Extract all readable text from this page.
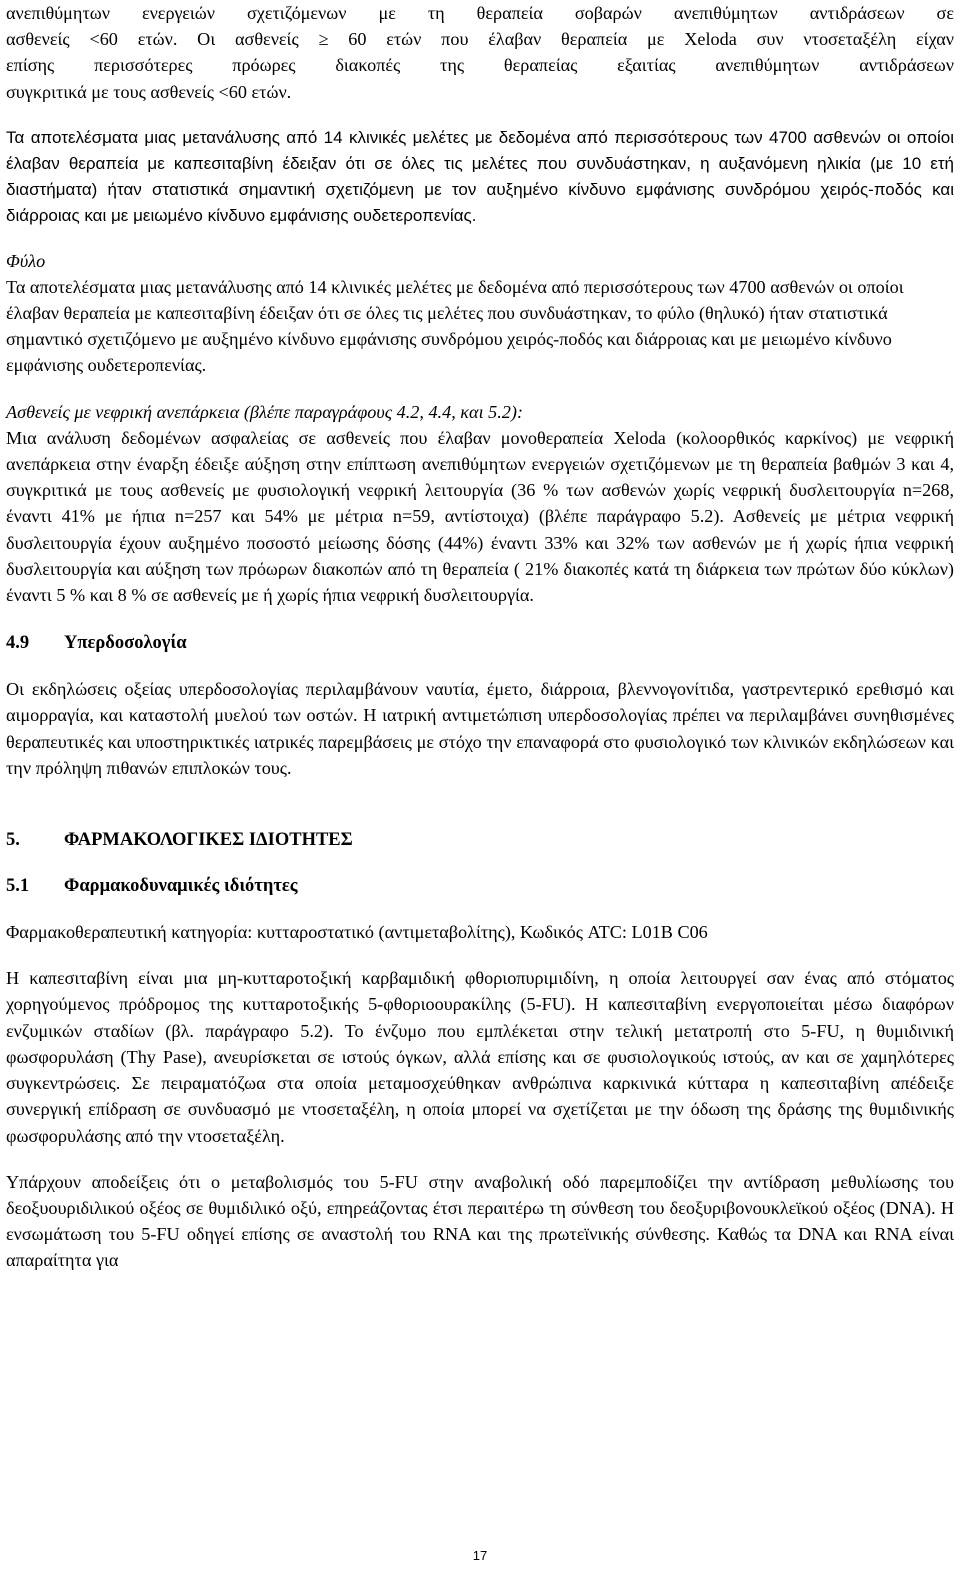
ανεπιθύμητων ενεργειών σχετιζόμενων με τη θεραπεία σοβαρών ανεπιθύμητων αντιδράσεων σε

ασθενείς <60 ετών. Οι ασθενείς ≥ 60 ετών που έλαβαν θεραπεία με Xeloda συν ντοσεταξέλη είχαν

επίσης περισσότερες πρόωρες διακοπές της θεραπείας εξαιτίας ανεπιθύμητων αντιδράσεων

συγκριτικά με τους ασθενείς <60 ετών.

Τα αποτελέσματα μιας μετανάλυσης από 14 κλινικές μελέτες με δεδομένα από περισσότερους των 4700 ασθενών οι οποίοι έλαβαν θεραπεία με καπεσιταβίνη έδειξαν ότι σε όλες τις μελέτες που συνδυάστηκαν, η αυξανόμενη ηλικία (με 10 ετή διαστήματα) ήταν στατιστικά σημαντική σχετιζόμενη με τον αυξημένο κίνδυνο εμφάνισης συνδρόμου χειρός-ποδός και διάρροιας και με μειωμένο κίνδυνο εμφάνισης ουδετεροπενίας.

Φύλο

Τα αποτελέσματα μιας μετανάλυσης από 14 κλινικές μελέτες με δεδομένα από περισσότερους των 4700 ασθενών οι οποίοι έλαβαν θεραπεία με καπεσιταβίνη έδειξαν ότι σε όλες τις μελέτες που συνδυάστηκαν, το φύλο (θηλυκό) ήταν στατιστικά σημαντικό σχετιζόμενο με αυξημένο κίνδυνο εμφάνισης συνδρόμου χειρός-ποδός και διάρροιας και με μειωμένο κίνδυνο εμφάνισης ουδετεροπενίας.

Ασθενείς με νεφρική ανεπάρκεια (βλέπε παραγράφους 4.2, 4.4, και 5.2):

Μια ανάλυση δεδομένων ασφαλείας σε ασθενείς που έλαβαν μονοθεραπεία Xeloda (κολοορθικός καρκίνος) με νεφρική ανεπάρκεια στην έναρξη έδειξε αύξηση στην επίπτωση ανεπιθύμητων ενεργειών σχετιζόμενων με τη θεραπεία βαθμών 3 και 4, συγκριτικά με τους ασθενείς με φυσιολογική νεφρική λειτουργία (36 % των ασθενών χωρίς νεφρική δυσλειτουργία n=268, έναντι 41% με ήπια n=257 και 54% με μέτρια n=59, αντίστοιχα) (βλέπε παράγραφο 5.2). Ασθενείς με μέτρια νεφρική δυσλειτουργία έχουν αυξημένο ποσοστό μείωσης δόσης (44%) έναντι 33% και 32% των ασθενών με ή χωρίς ήπια νεφρική δυσλειτουργία και αύξηση των πρόωρων διακοπών από τη θεραπεία ( 21% διακοπές κατά τη διάρκεια των πρώτων δύο κύκλων) έναντι 5 % και 8 % σε ασθενείς με ή χωρίς ήπια νεφρική δυσλειτουργία.

4.9 Υπερδοσολογία

Οι εκδηλώσεις οξείας υπερδοσολογίας περιλαμβάνουν ναυτία, έμετο, διάρροια, βλεννογονίτιδα, γαστρεντερικό ερεθισμό και αιμορραγία, και καταστολή μυελού των οστών. Η ιατρική αντιμετώπιση υπερδοσολογίας πρέπει να περιλαμβάνει συνηθισμένες θεραπευτικές και υποστηρικτικές ιατρικές παρεμβάσεις με στόχο την επαναφορά στο φυσιολογικό των κλινικών εκδηλώσεων και την πρόληψη πιθανών επιπλοκών τους.

5. ΦΑΡΜΑΚΟΛΟΓΙΚΕΣ ΙΔΙΟΤΗΤΕΣ
5.1 Φαρμακοδυναμικές ιδιότητες

Φαρμακοθεραπευτική κατηγορία: κυτταροστατικό (αντιμεταβολίτης), Κωδικός ATC: L01B C06

Η καπεσιταβίνη είναι μια μη-κυτταροτοξική καρβαμιδική φθοριοπυριμιδίνη, η οποία λειτουργεί σαν ένας από στόματος χορηγούμενος πρόδρομος της κυτταροτοξικής 5-φθοριοουρακίλης (5-FU). Η καπεσιταβίνη ενεργοποιείται μέσω διαφόρων ενζυμικών σταδίων (βλ. παράγραφο 5.2). Το ένζυμο που εμπλέκεται στην τελική μετατροπή στο 5-FU, η θυμιδινική φωσφορυλάση (Thy Pase), ανευρίσκεται σε ιστούς όγκων, αλλά επίσης και σε φυσιολογικούς ιστούς, αν και σε χαμηλότερες συγκεντρώσεις. Σε πειραματόζωα στα οποία μεταμοσχεύθηκαν ανθρώπινα καρκινικά κύτταρα η καπεσιταβίνη απέδειξε συνεργική επίδραση σε συνδυασμό με ντοσεταξέλη, η οποία μπορεί να σχετίζεται με την όδωση της δράσης της θυμιδινικής φωσφορυλάσης από την ντοσεταξέλη.

Υπάρχουν αποδείξεις ότι ο μεταβολισμός του 5-FU στην αναβολική οδό παρεμποδίζει την αντίδραση μεθυλίωσης του δεοξυουριδιλικού οξέος σε θυμιδιλικό οξύ, επηρεάζοντας έτσι περαιτέρω τη σύνθεση του δεοξυριβονουκλεϊκού οξέος (DNA). Η ενσωμάτωση του 5-FU οδηγεί επίσης σε αναστολή του RNA και της πρωτεϊνικής σύνθεσης. Καθώς τα DNA και RNA είναι απαραίτητα για

17
